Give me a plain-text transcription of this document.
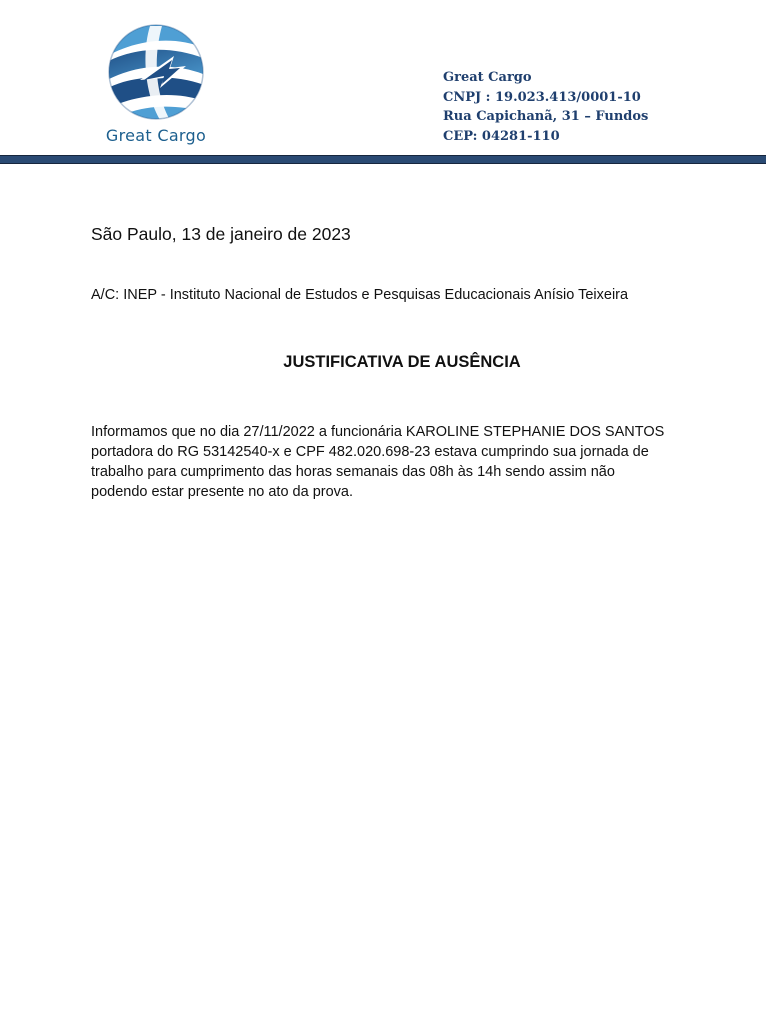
Great Cargo
Great Cargo
CNPJ : 19.023.413/0001-10
Rua Capichanã, 31 – Fundos
CEP: 04281-110
São Paulo, 13 de janeiro de 2023
A/C: INEP - Instituto Nacional de Estudos e Pesquisas Educacionais Anísio Teixeira
JUSTIFICATIVA DE AUSÊNCIA
Informamos que no dia 27/11/2022 a funcionária KAROLINE STEPHANIE DOS SANTOS
portadora do RG 53142540-x e CPF 482.020.698-23 estava cumprindo sua jornada de
trabalho para cumprimento das horas semanais das 08h às 14h sendo assim não
podendo estar presente no ato da prova.
